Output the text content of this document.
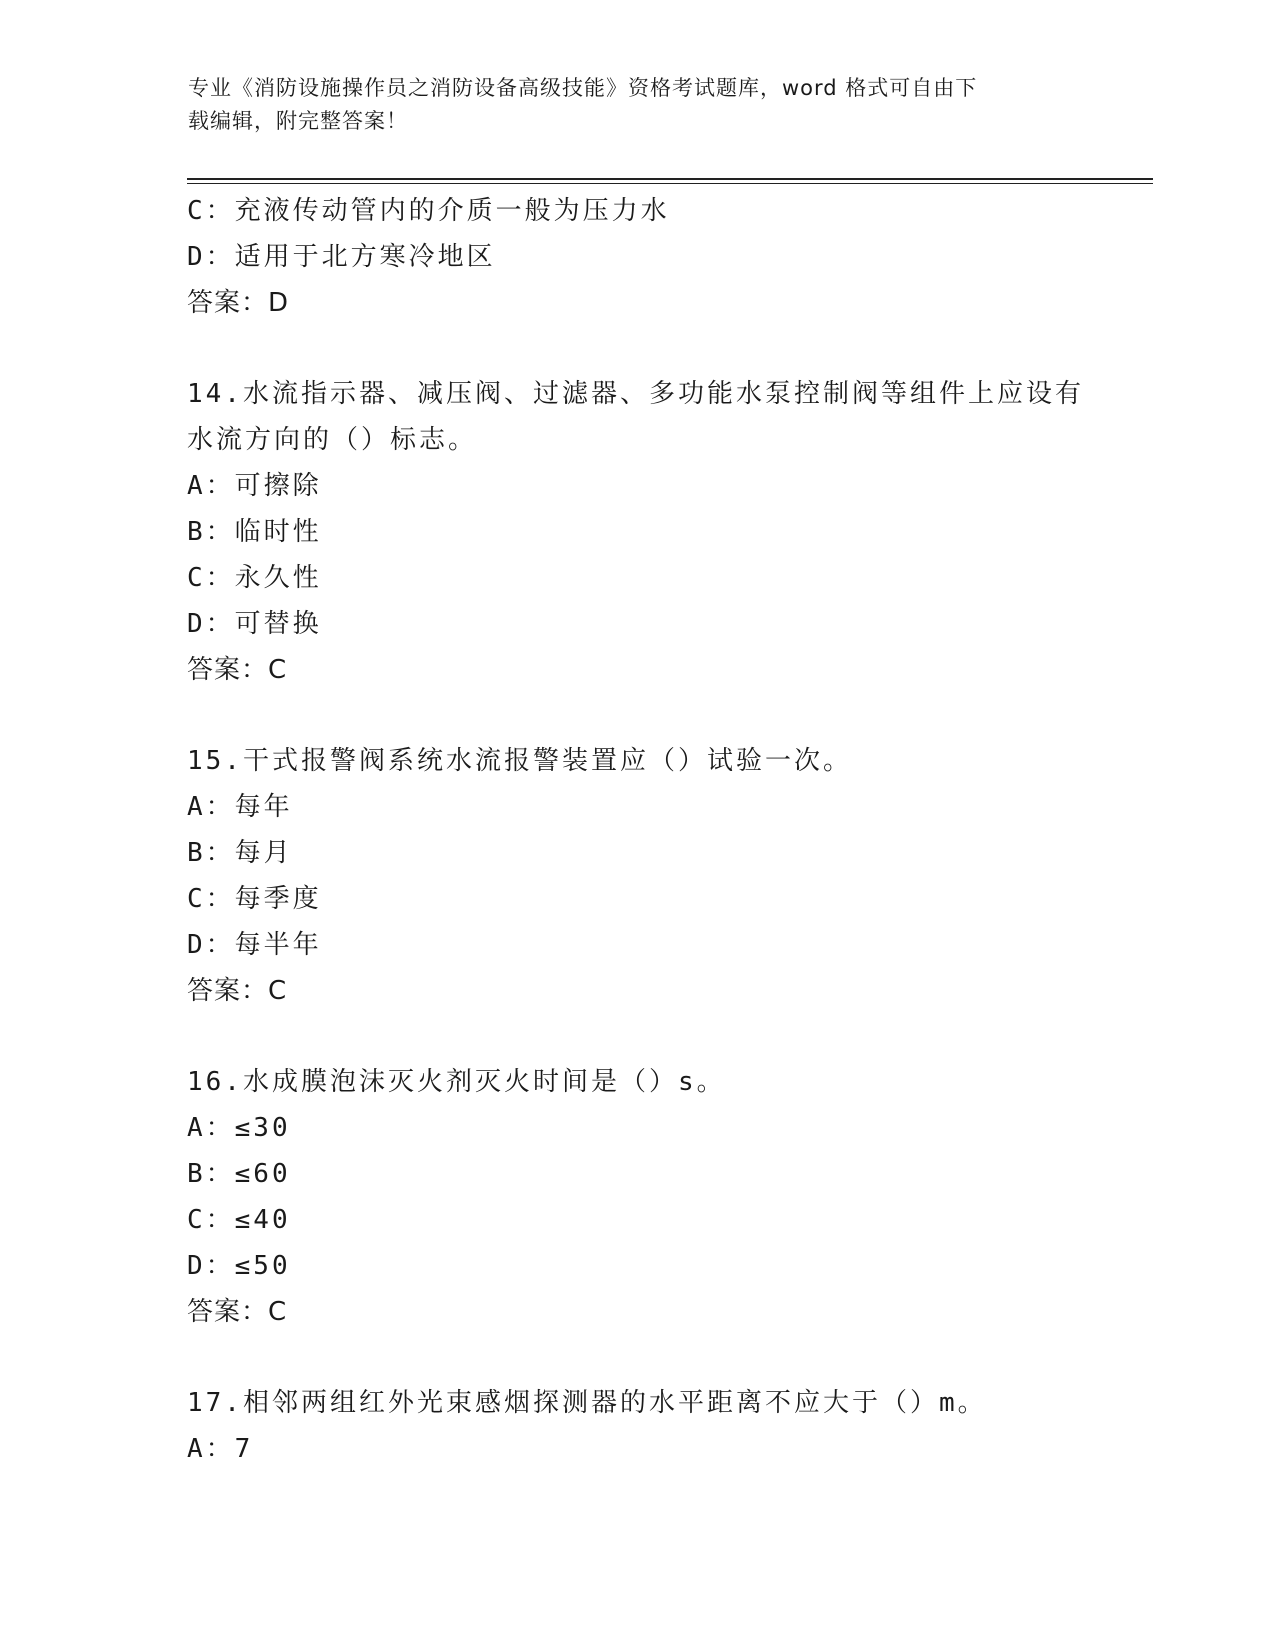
专业《消防设施操作员之消防设备高级技能》资格考试题库，word 格式可自由下
载编辑，附完整答案！
C：充液传动管内的介质一般为压力水
D：适用于北方寒冷地区
答案：D
14.水流指示器、减压阀、过滤器、多功能水泵控制阀等组件上应设有
水流方向的（）标志。
A：可擦除
B：临时性
C：永久性
D：可替换
答案：C
15.干式报警阀系统水流报警装置应（）试验一次。
A：每年
B：每月
C：每季度
D：每半年
答案：C
16.水成膜泡沫灭火剂灭火时间是（）s。
A：≤30
B：≤60
C：≤40
D：≤50
答案：C
17.相邻两组红外光束感烟探测器的水平距离不应大于（）m。
A：7
